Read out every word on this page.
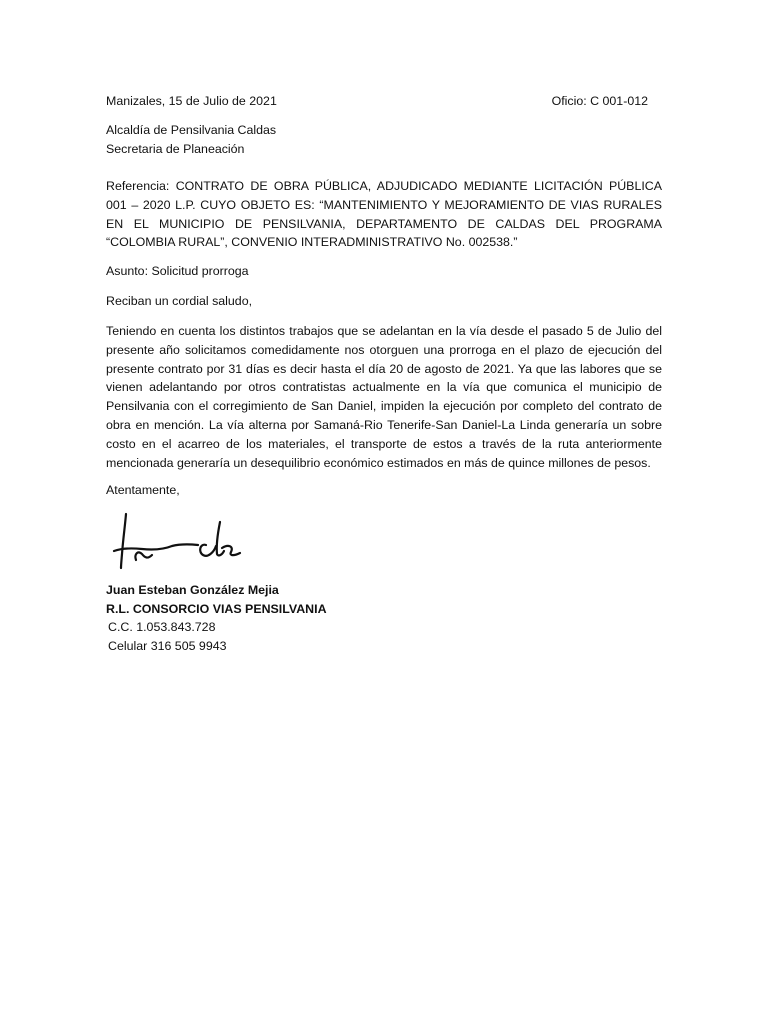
Manizales, 15 de Julio de 2021	Oficio: C 001-012
Alcaldía de Pensilvania Caldas
Secretaria de Planeación
Referencia: CONTRATO DE OBRA PÚBLICA, ADJUDICADO MEDIANTE LICITACIÓN PÚBLICA 001 – 2020 L.P. CUYO OBJETO ES: “MANTENIMIENTO Y MEJORAMIENTO DE VIAS RURALES EN EL MUNICIPIO DE PENSILVANIA, DEPARTAMENTO DE CALDAS DEL PROGRAMA “COLOMBIA RURAL”, CONVENIO INTERADMINISTRATIVO No. 002538.”
Asunto: Solicitud prorroga
Reciban un cordial saludo,
Teniendo en cuenta los distintos trabajos que se adelantan en la vía desde el pasado 5 de Julio del presente año solicitamos comedidamente nos otorguen una prorroga en el plazo de ejecución del presente contrato por 31 días es decir hasta el día 20 de agosto de 2021. Ya que las labores que se vienen adelantando por otros contratistas actualmente en la vía que comunica el municipio de Pensilvania con el corregimiento de San Daniel, impiden la ejecución por completo del contrato de obra en mención. La vía alterna por Samaná-Rio Tenerife-San Daniel-La Linda generaría un sobre costo en el acarreo de los materiales, el transporte de estos a través de la ruta anteriormente mencionada generaría un desequilibrio económico estimados en más de quince millones de pesos.
Atentamente,
Juan Esteban González Mejia
R.L. CONSORCIO VIAS PENSILVANIA
C.C. 1.053.843.728
Celular 316 505 9943
